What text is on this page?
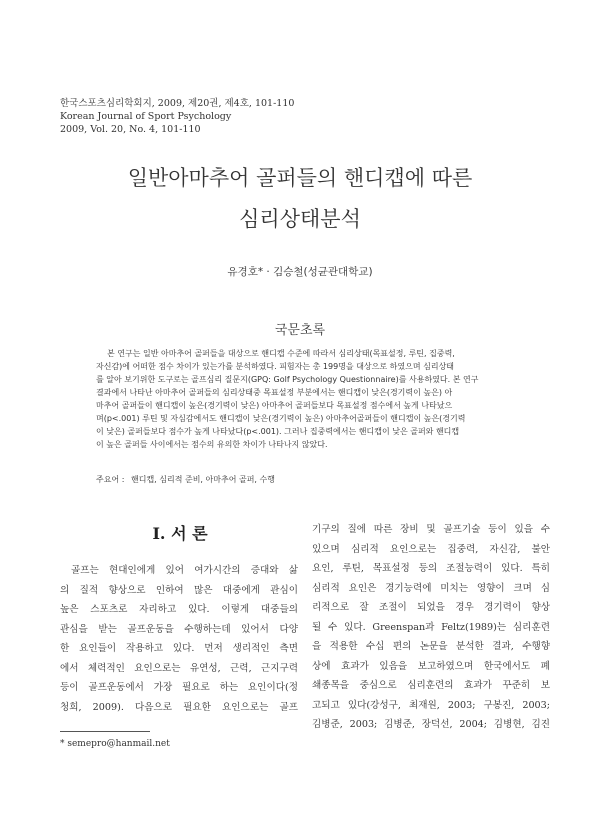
한국스포츠심리학회지, 2009, 제20권, 제4호, 101-110
Korean Journal of Sport Psychology
2009, Vol. 20, No. 4, 101-110
일반아마추어 골퍼들의 핸디캡에 따른
심리상태분석
유경호* · 김승철(성균관대학교)
국문초록
본 연구는 일반 아마추어 골퍼들을 대상으로 핸디캡 수준에 따라서 심리상태(목표설정, 루틴, 집중력,
자신감)에 어떠한 점수 차이가 있는가를 분석하였다. 피험자는 총 199명을 대상으로 하였으며 심리상태
를 알아 보기위한 도구로는 골프심리 질문지(GPQ: Golf Psychology Questionnaire)를 사용하였다. 본 연구
결과에서 나타난 아마추어 골퍼들의 심리상태중 목표설정 부분에서는 핸디캡이 낮은(경기력이 높은) 아
마추어 골퍼들이 핸디캡이 높은(경기력이 낮은) 아마추어 골퍼들보다 목표설정 점수에서 높게 나타났으
며(p<.001) 루틴 및 자심감에서도 핸디캡이 낮은(경기력이 높은) 아마추어골퍼들이 핸디캡이 높은(경기력
이 낮은) 골퍼들보다 점수가 높게 나타났다(p<.001). 그러나 집중력에서는 핸디캡이 낮은 골퍼와 핸디캡
이 높은 골퍼들 사이에서는 점수의 유의한 차이가 나타나지 않았다.
주요어 : 핸디캡, 심리적 준비, 아마추어 골퍼, 수행
I. 서 론
골프는 현대인에게 있어 여가시간의 증대와 삶
의 질적 향상으로 인하여 많은 대중에게 관심이
높은 스포츠로 자리하고 있다. 이렇게 대중들의
관심을 받는 골프운동을 수행하는데 있어서 다양
한 요인들이 작용하고 있다. 먼저 생리적인 측면
에서 체력적인 요인으로는 유연성, 근력, 근지구력
등이 골프운동에서 가장 필요로 하는 요인이다(정
청희, 2009). 다음으로 필요한 요인으로는 골프
기구의 질에 따른 장비 및 골프기술 등이 있을 수
있으며 심리적 요인으로는 집중력, 자신감, 불안
요인, 루틴, 목표설정 등의 조절능력이 있다. 특히
심리적 요인은 경기능력에 미치는 영향이 크며 심
리적으로 잘 조절이 되었을 경우 경기력이 향상
될 수 있다. Greenspan과 Feltz(1989)는 심리훈련
을 적용한 수십 편의 논문을 분석한 결과, 수행향
상에 효과가 있음을 보고하였으며 한국에서도 폐
쇄종목을 중심으로 심리훈련의 효과가 꾸준히 보
고되고 있다(강성구, 최재원, 2003; 구봉진, 2003;
김병준, 2003; 김병준, 장덕선, 2004; 김병현, 김진
* semepro@hanmail.net
